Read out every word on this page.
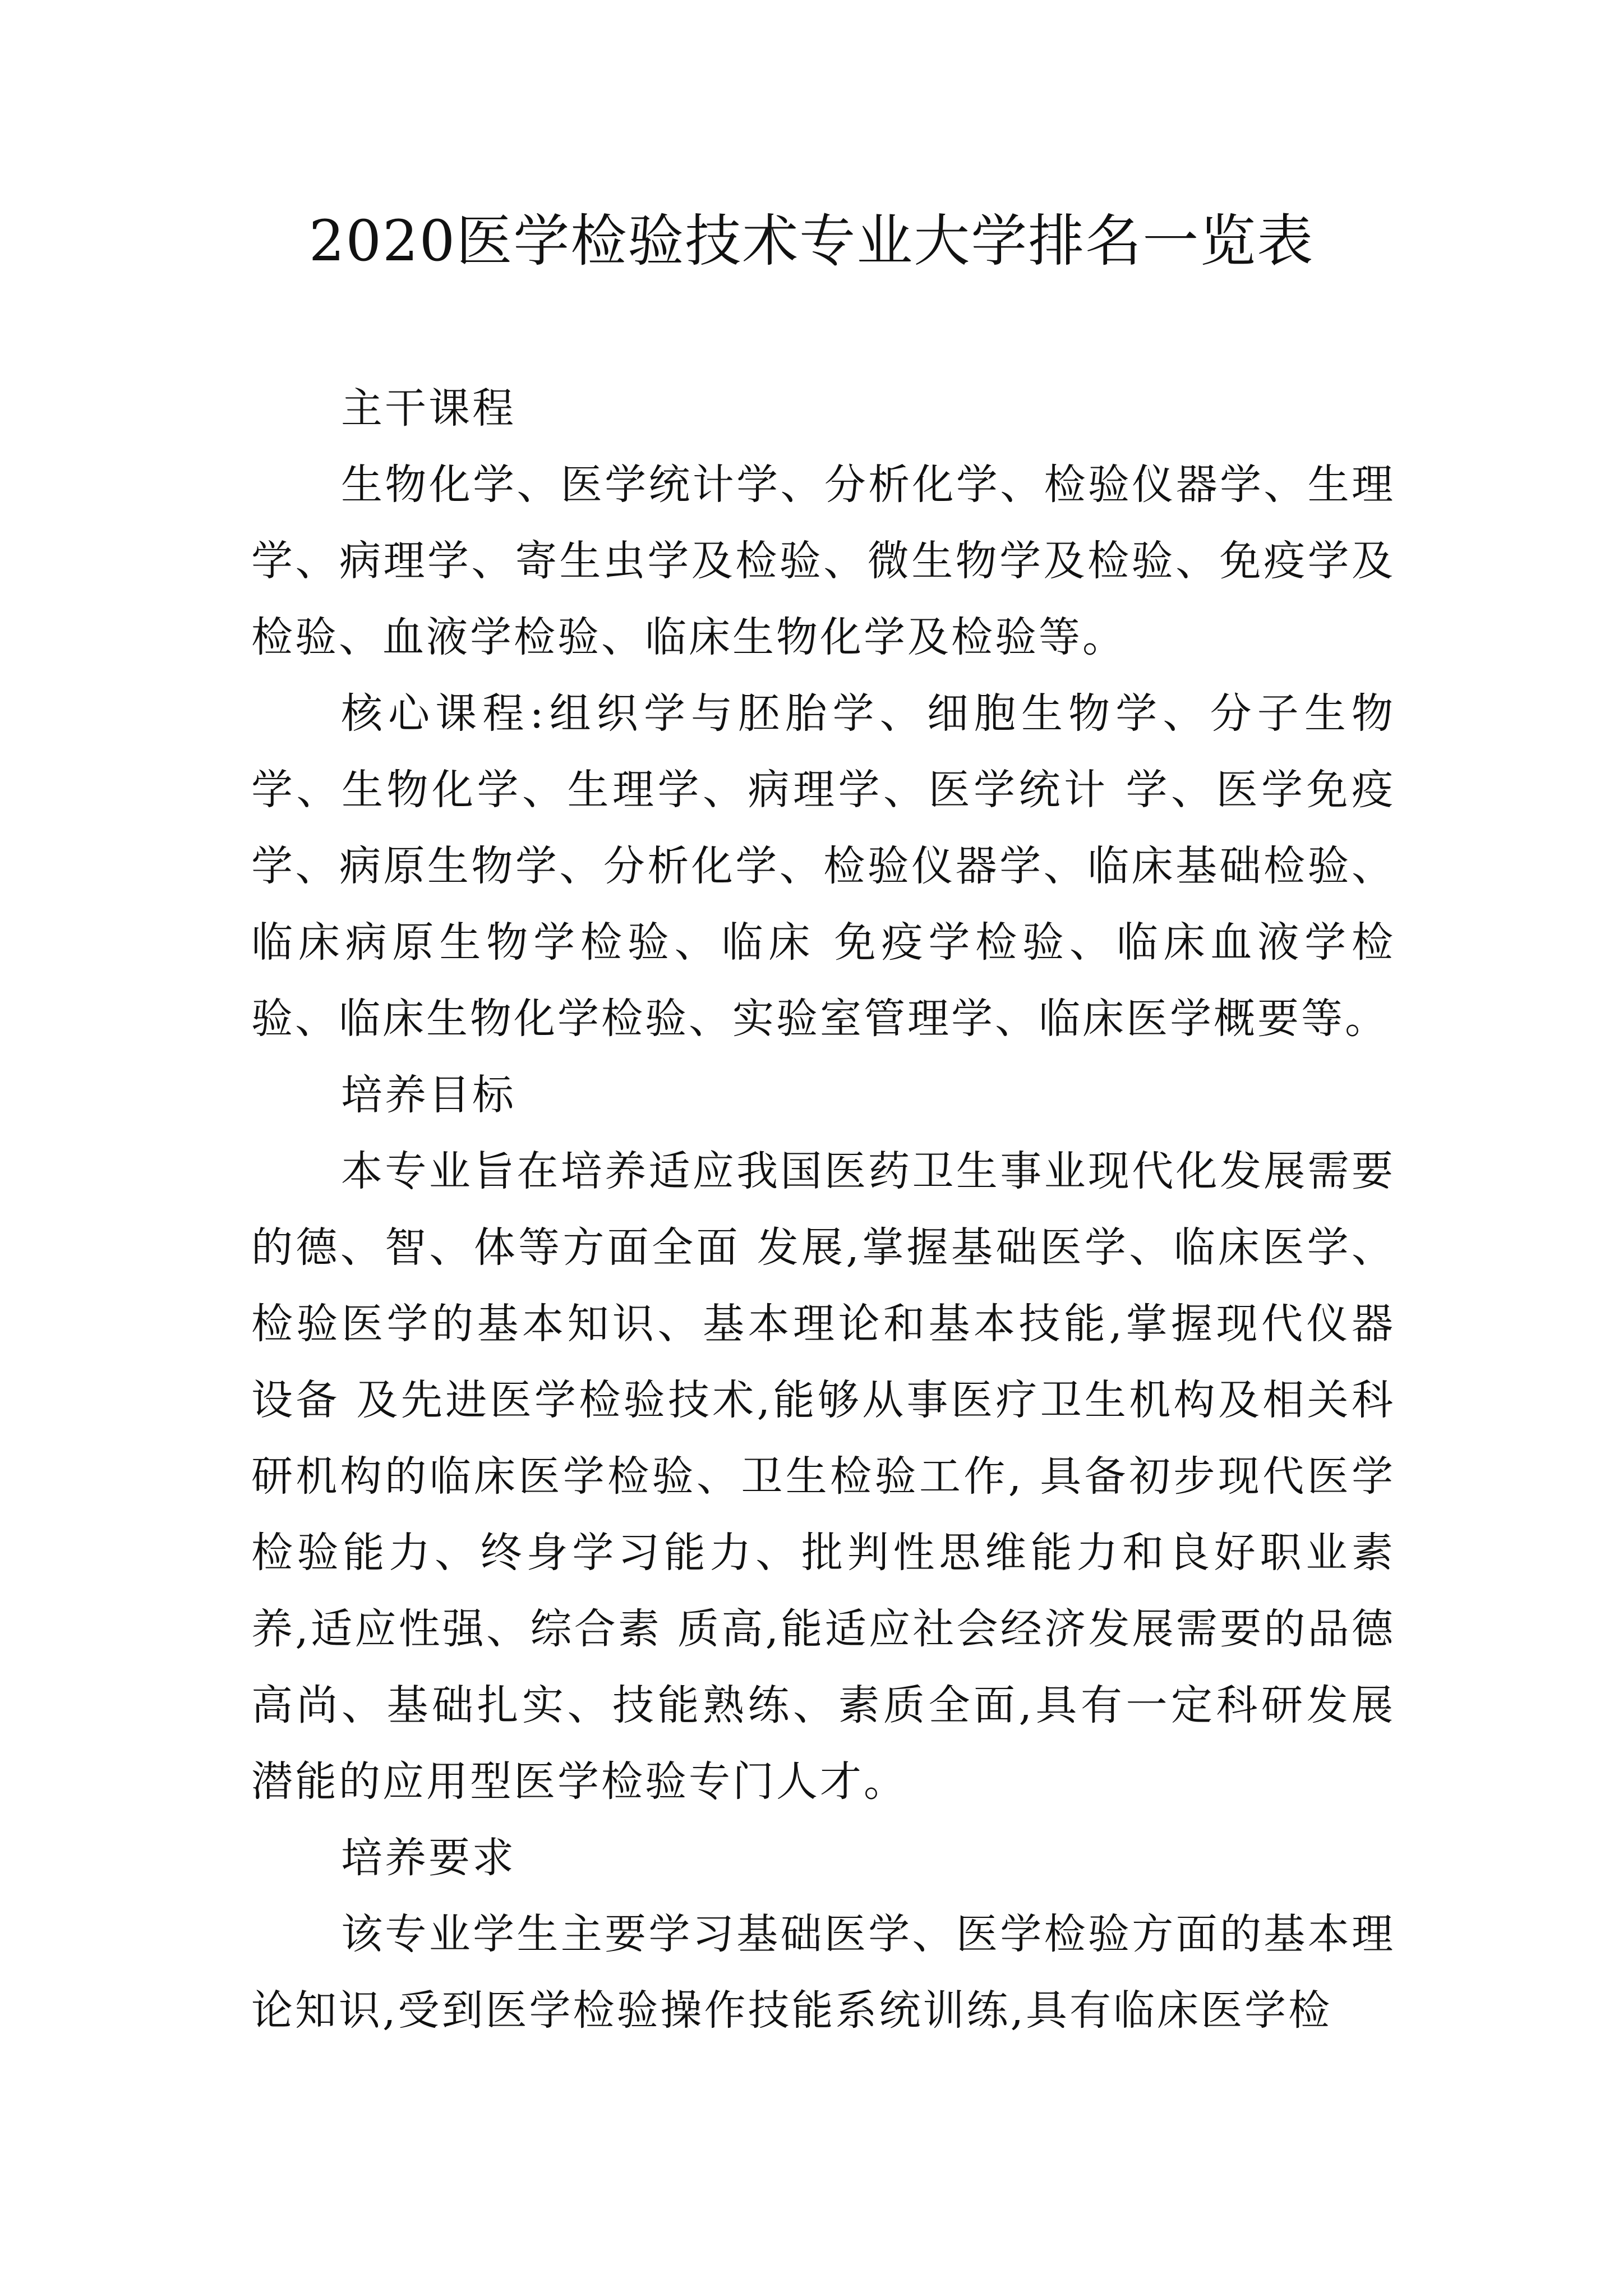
2020医学检验技术专业大学排名一览表

主干课程

生物化学、医学统计学、分析化学、检验仪器学、生理学、病理学、寄生虫学及检验、微生物学及检验、免疫学及检验、血液学检验、临床生物化学及检验等。

核心课程:组织学与胚胎学、细胞生物学、分子生物学、生物化学、生理学、病理学、医学统计 学、医学免疫学、病原生物学、分析化学、检验仪器学、临床基础检验、临床病原生物学检验、临床 免疫学检验、临床血液学检验、临床生物化学检验、实验室管理学、临床医学概要等。

培养目标

本专业旨在培养适应我国医药卫生事业现代化发展需要的德、智、体等方面全面 发展,掌握基础医学、临床医学、检验医学的基本知识、基本理论和基本技能,掌握现代仪器设备 及先进医学检验技术,能够从事医疗卫生机构及相关科研机构的临床医学检验、卫生检验工作, 具备初步现代医学检验能力、终身学习能力、批判性思维能力和良好职业素养,适应性强、综合素 质高,能适应社会经济发展需要的品德高尚、基础扎实、技能熟练、素质全面,具有一定科研发展 潜能的应用型医学检验专门人才。

培养要求

该专业学生主要学习基础医学、医学检验方面的基本理论知识,受到医学检验操作技能系统训练,具有临床医学检
